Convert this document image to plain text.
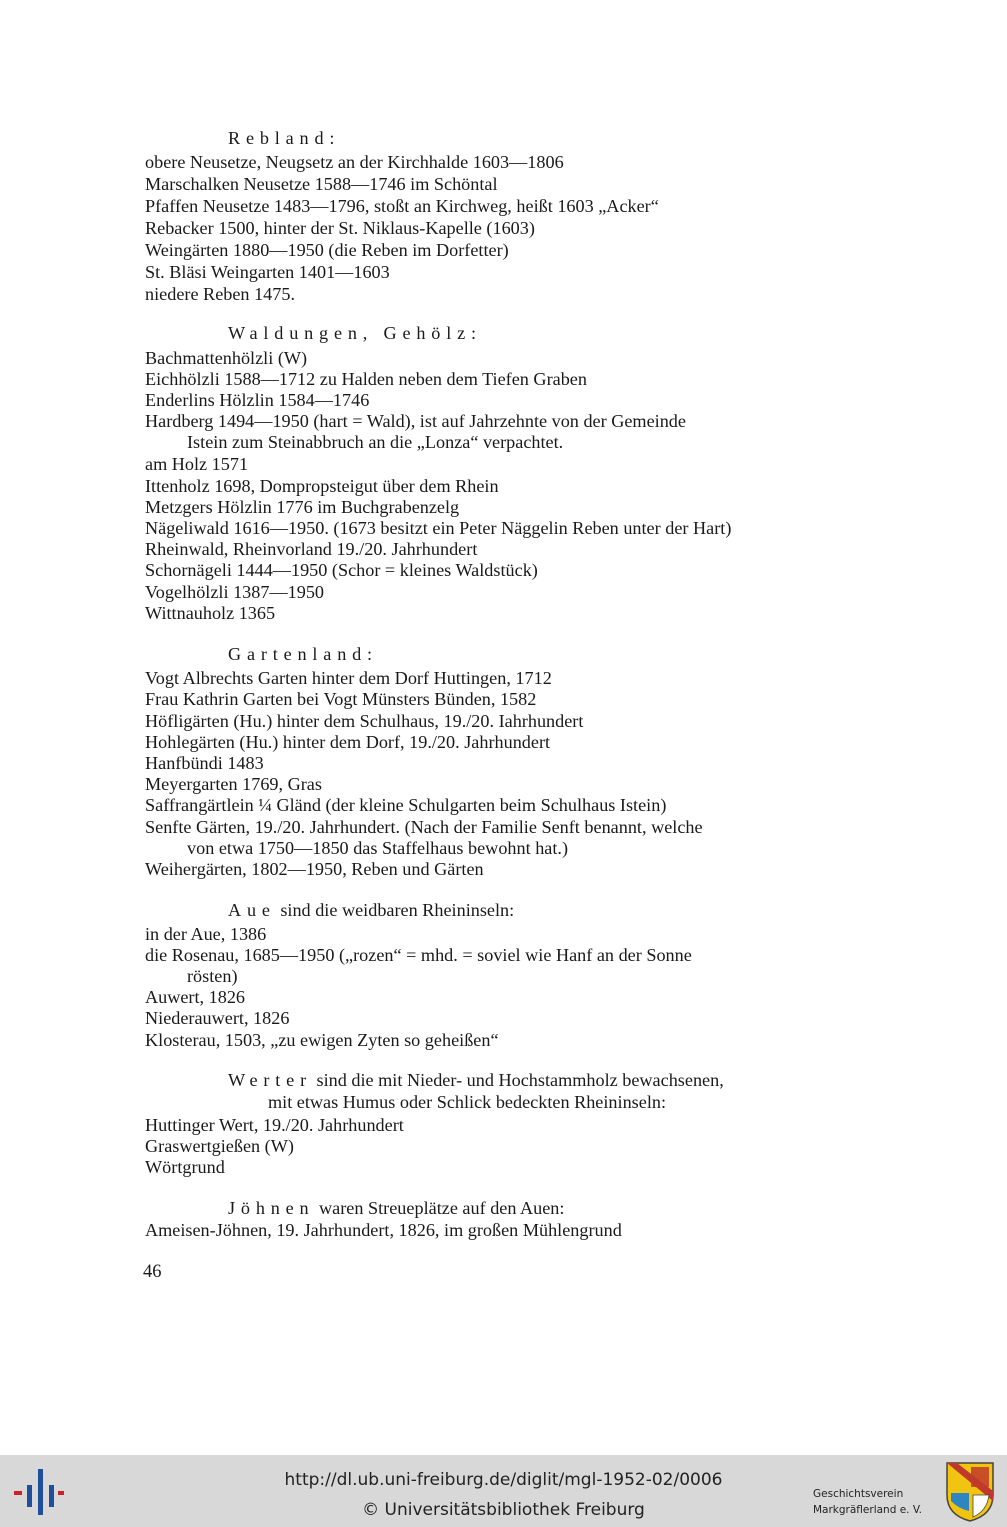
Rebland:
obere Neusetze, Neugsetz an der Kirchhalde 1603—1806
Marschalken Neusetze 1588—1746 im Schöntal
Pfaffen Neusetze 1483—1796, stoßt an Kirchweg, heißt 1603 „Acker“
Rebacker 1500, hinter der St. Niklaus-Kapelle (1603)
Weingärten 1880—1950 (die Reben im Dorfetter)
St. Bläsi Weingarten 1401—1603
niedere Reben 1475.
Waldungen, Gehölz:
Bachmattenhölzli (W)
Eichhölzli 1588—1712 zu Halden neben dem Tiefen Graben
Enderlins Hölzlin 1584—1746
Hardberg 1494—1950 (hart = Wald), ist auf Jahrzehnte von der Gemeinde
Istein zum Steinabbruch an die „Lonza“ verpachtet.
am Holz 1571
Ittenholz 1698, Dompropsteigut über dem Rhein
Metzgers Hölzlin 1776 im Buchgrabenzelg
Nägeliwald 1616—1950. (1673 besitzt ein Peter Näggelin Reben unter der Hart)
Rheinwald, Rheinvorland 19./20. Jahrhundert
Schornägeli 1444—1950 (Schor = kleines Waldstück)
Vogelhölzli 1387—1950
Wittnauholz 1365
Gartenland:
Vogt Albrechts Garten hinter dem Dorf Huttingen, 1712
Frau Kathrin Garten bei Vogt Münsters Bünden, 1582
Höfligärten (Hu.) hinter dem Schulhaus, 19./20. Iahrhundert
Hohlegärten (Hu.) hinter dem Dorf, 19./20. Jahrhundert
Hanfbündi 1483
Meyergarten 1769, Gras
Saffrangärtlein ¼ Gländ (der kleine Schulgarten beim Schulhaus Istein)
Senfte Gärten, 19./20. Jahrhundert. (Nach der Familie Senft benannt, welche
von etwa 1750—1850 das Staffelhaus bewohnt hat.)
Weihergärten, 1802—1950, Reben und Gärten
Aue sind die weidbaren Rheininseln:
in der Aue, 1386
die Rosenau, 1685—1950 („rozen“ = mhd. = soviel wie Hanf an der Sonne
rösten)
Auwert, 1826
Niederauwert, 1826
Klosterau, 1503, „zu ewigen Zyten so geheißen“
Werter sind die mit Nieder- und Hochstammholz bewachsenen,
mit etwas Humus oder Schlick bedeckten Rheininseln:
Huttinger Wert, 19./20. Jahrhundert
Graswertgießen (W)
Wörtgrund
Jöhnen waren Streueplätze auf den Auen:
Ameisen-Jöhnen, 19. Jahrhundert, 1826, im großen Mühlengrund
46
http://dl.ub.uni-freiburg.de/diglit/mgl-1952-02/0006
© Universitätsbibliothek Freiburg
Geschichtsverein
Markgräflerland e. V.
